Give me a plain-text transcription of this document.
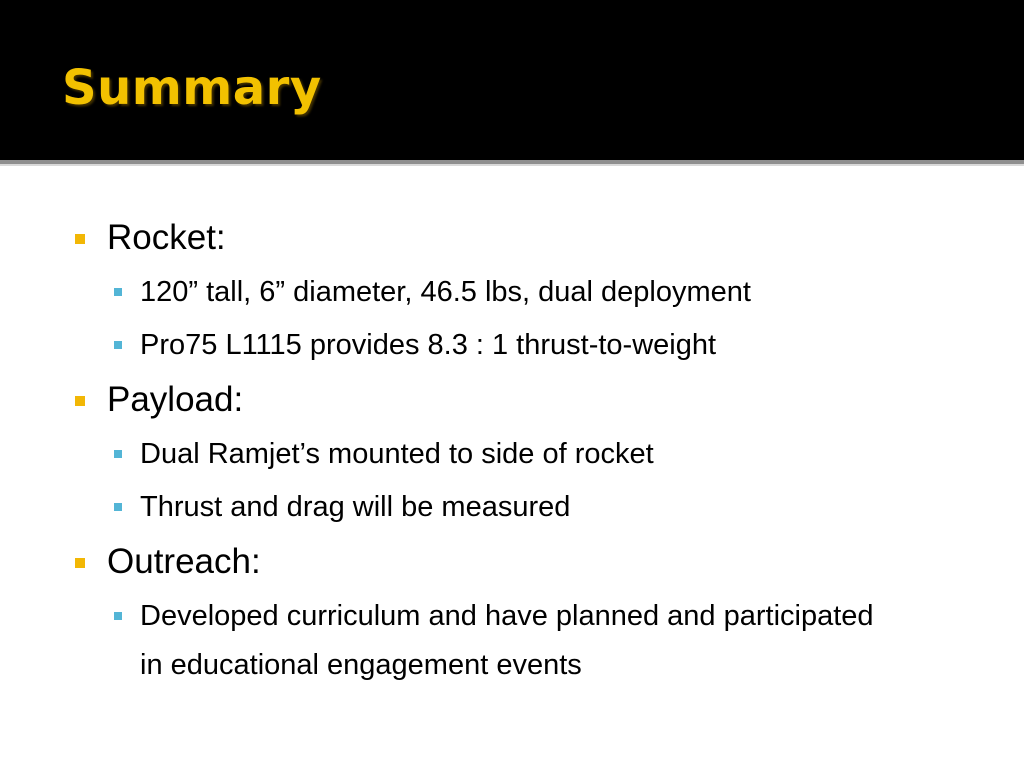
Summary
Rocket:
120” tall, 6” diameter, 46.5 lbs, dual deployment
Pro75 L1115 provides 8.3 : 1 thrust-to-weight
Payload:
Dual Ramjet’s mounted to side of rocket
Thrust and drag will be measured
Outreach:
Developed curriculum and have planned and participated in educational engagement events
